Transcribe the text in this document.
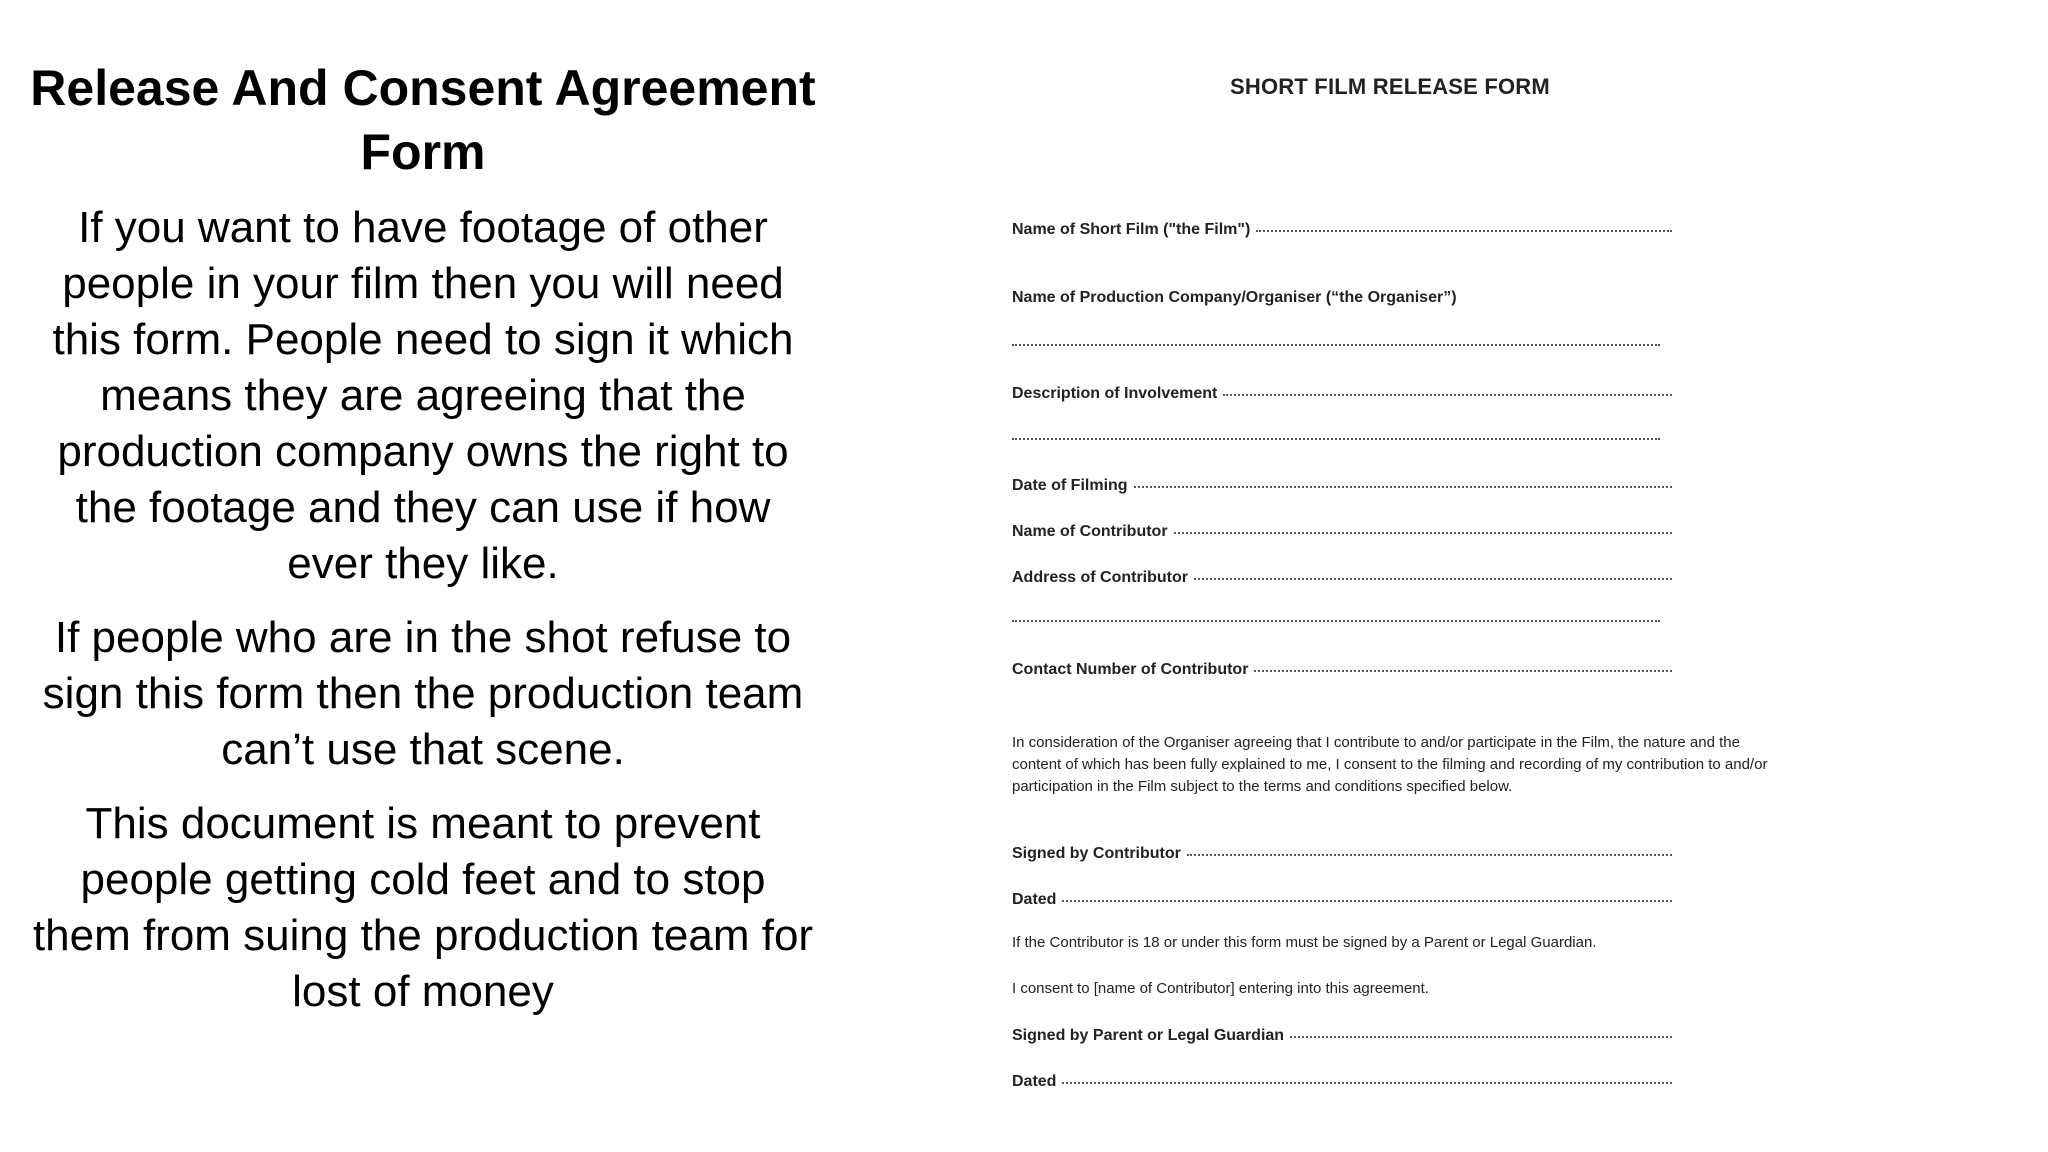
Release And Consent Agreement Form

If you want to have footage of other people in your film then you will need this form. People need to sign it which means they are agreeing that the production company owns the right to the footage and they can use if how ever they like.

If people who are in the shot refuse to sign this form then the production team can’t use that scene.

This document is meant to prevent people getting cold feet and to stop them from suing the production team for lost of money

SHORT FILM RELEASE FORM
Name of Short Film ("the Film")
Name of Production Company/Organiser (“the Organiser”)
Description of Involvement
Date of Filming
Name of Contributor
Address of Contributor
Contact Number of Contributor
In consideration of the Organiser agreeing that I contribute to and/or participate in the Film, the nature and the content of which has been fully explained to me, I consent to the filming and recording of my contribution to and/or participation in the Film subject to the terms and conditions specified below.
Signed by Contributor
Dated
If the Contributor is 18 or under this form must be signed by a Parent or Legal Guardian.
I consent to [name of Contributor] entering into this agreement.
Signed by Parent or Legal Guardian
Dated
